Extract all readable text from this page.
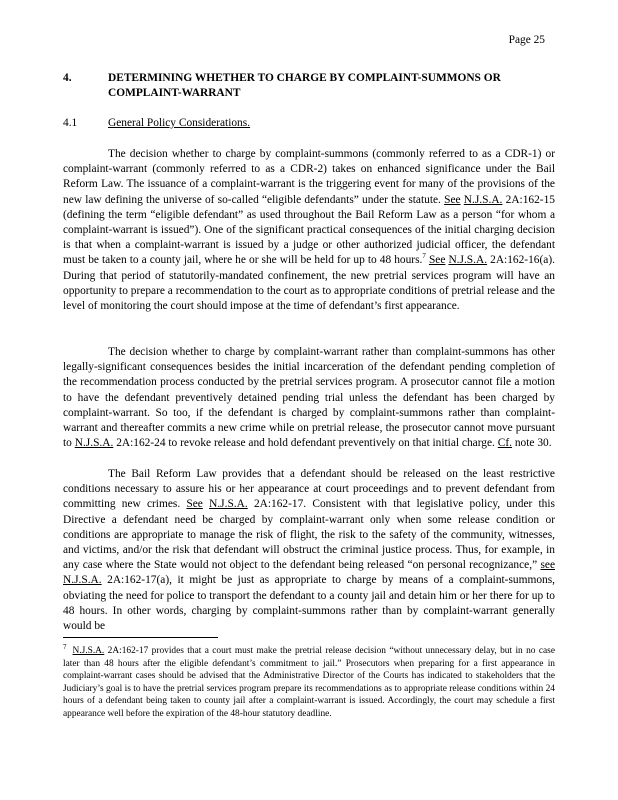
Page 25
4.	DETERMINING WHETHER TO CHARGE BY COMPLAINT-SUMMONS OR COMPLAINT-WARRANT
4.1	General Policy Considerations.

The decision whether to charge by complaint-summons (commonly referred to as a CDR-1) or complaint-warrant (commonly referred to as a CDR-2) takes on enhanced significance under the Bail Reform Law. The issuance of a complaint-warrant is the triggering event for many of the provisions of the new law defining the universe of so-called “eligible defendants” under the statute. See N.J.S.A. 2A:162-15 (defining the term “eligible defendant” as used throughout the Bail Reform Law as a person “for whom a complaint-warrant is issued”). One of the significant practical consequences of the initial charging decision is that when a complaint-warrant is issued by a judge or other authorized judicial officer, the defendant must be taken to a county jail, where he or she will be held for up to 48 hours.$^7$ See N.J.S.A. 2A:162-16(a). During that period of statutorily-mandated confinement, the new pretrial services program will have an opportunity to prepare a recommendation to the court as to appropriate conditions of pretrial release and the level of monitoring the court should impose at the time of defendant’s first appearance.

The decision whether to charge by complaint-warrant rather than complaint-summons has other legally-significant consequences besides the initial incarceration of the defendant pending completion of the recommendation process conducted by the pretrial services program. A prosecutor cannot file a motion to have the defendant preventively detained pending trial unless the defendant has been charged by complaint-warrant. So too, if the defendant is charged by complaint-summons rather than complaint-warrant and thereafter commits a new crime while on pretrial release, the prosecutor cannot move pursuant to N.J.S.A. 2A:162-24 to revoke release and hold defendant preventively on that initial charge. Cf. note 30.

The Bail Reform Law provides that a defendant should be released on the least restrictive conditions necessary to assure his or her appearance at court proceedings and to prevent defendant from committing new crimes. See N.J.S.A. 2A:162-17. Consistent with that legislative policy, under this Directive a defendant need be charged by complaint-warrant only when some release condition or conditions are appropriate to manage the risk of flight, the risk to the safety of the community, witnesses, and victims, and/or the risk that defendant will obstruct the criminal justice process. Thus, for example, in any case where the State would not object to the defendant being released “on personal recognizance,” see N.J.S.A. 2A:162-17(a), it might be just as appropriate to charge by means of a complaint-summons, obviating the need for police to transport the defendant to a county jail and detain him or her there for up to 48 hours. In other words, charging by complaint-summons rather than by complaint-warrant generally would be

$^7$ N.J.S.A. 2A:162-17 provides that a court must make the pretrial release decision “without unnecessary delay, but in no case later than 48 hours after the eligible defendant’s commitment to jail.” Prosecutors when preparing for a first appearance in complaint-warrant cases should be advised that the Administrative Director of the Courts has indicated to stakeholders that the Judiciary’s goal is to have the pretrial services program prepare its recommendations as to appropriate release conditions within 24 hours of a defendant being taken to county jail after a complaint-warrant is issued. Accordingly, the court may schedule a first appearance well before the expiration of the 48-hour statutory deadline.
